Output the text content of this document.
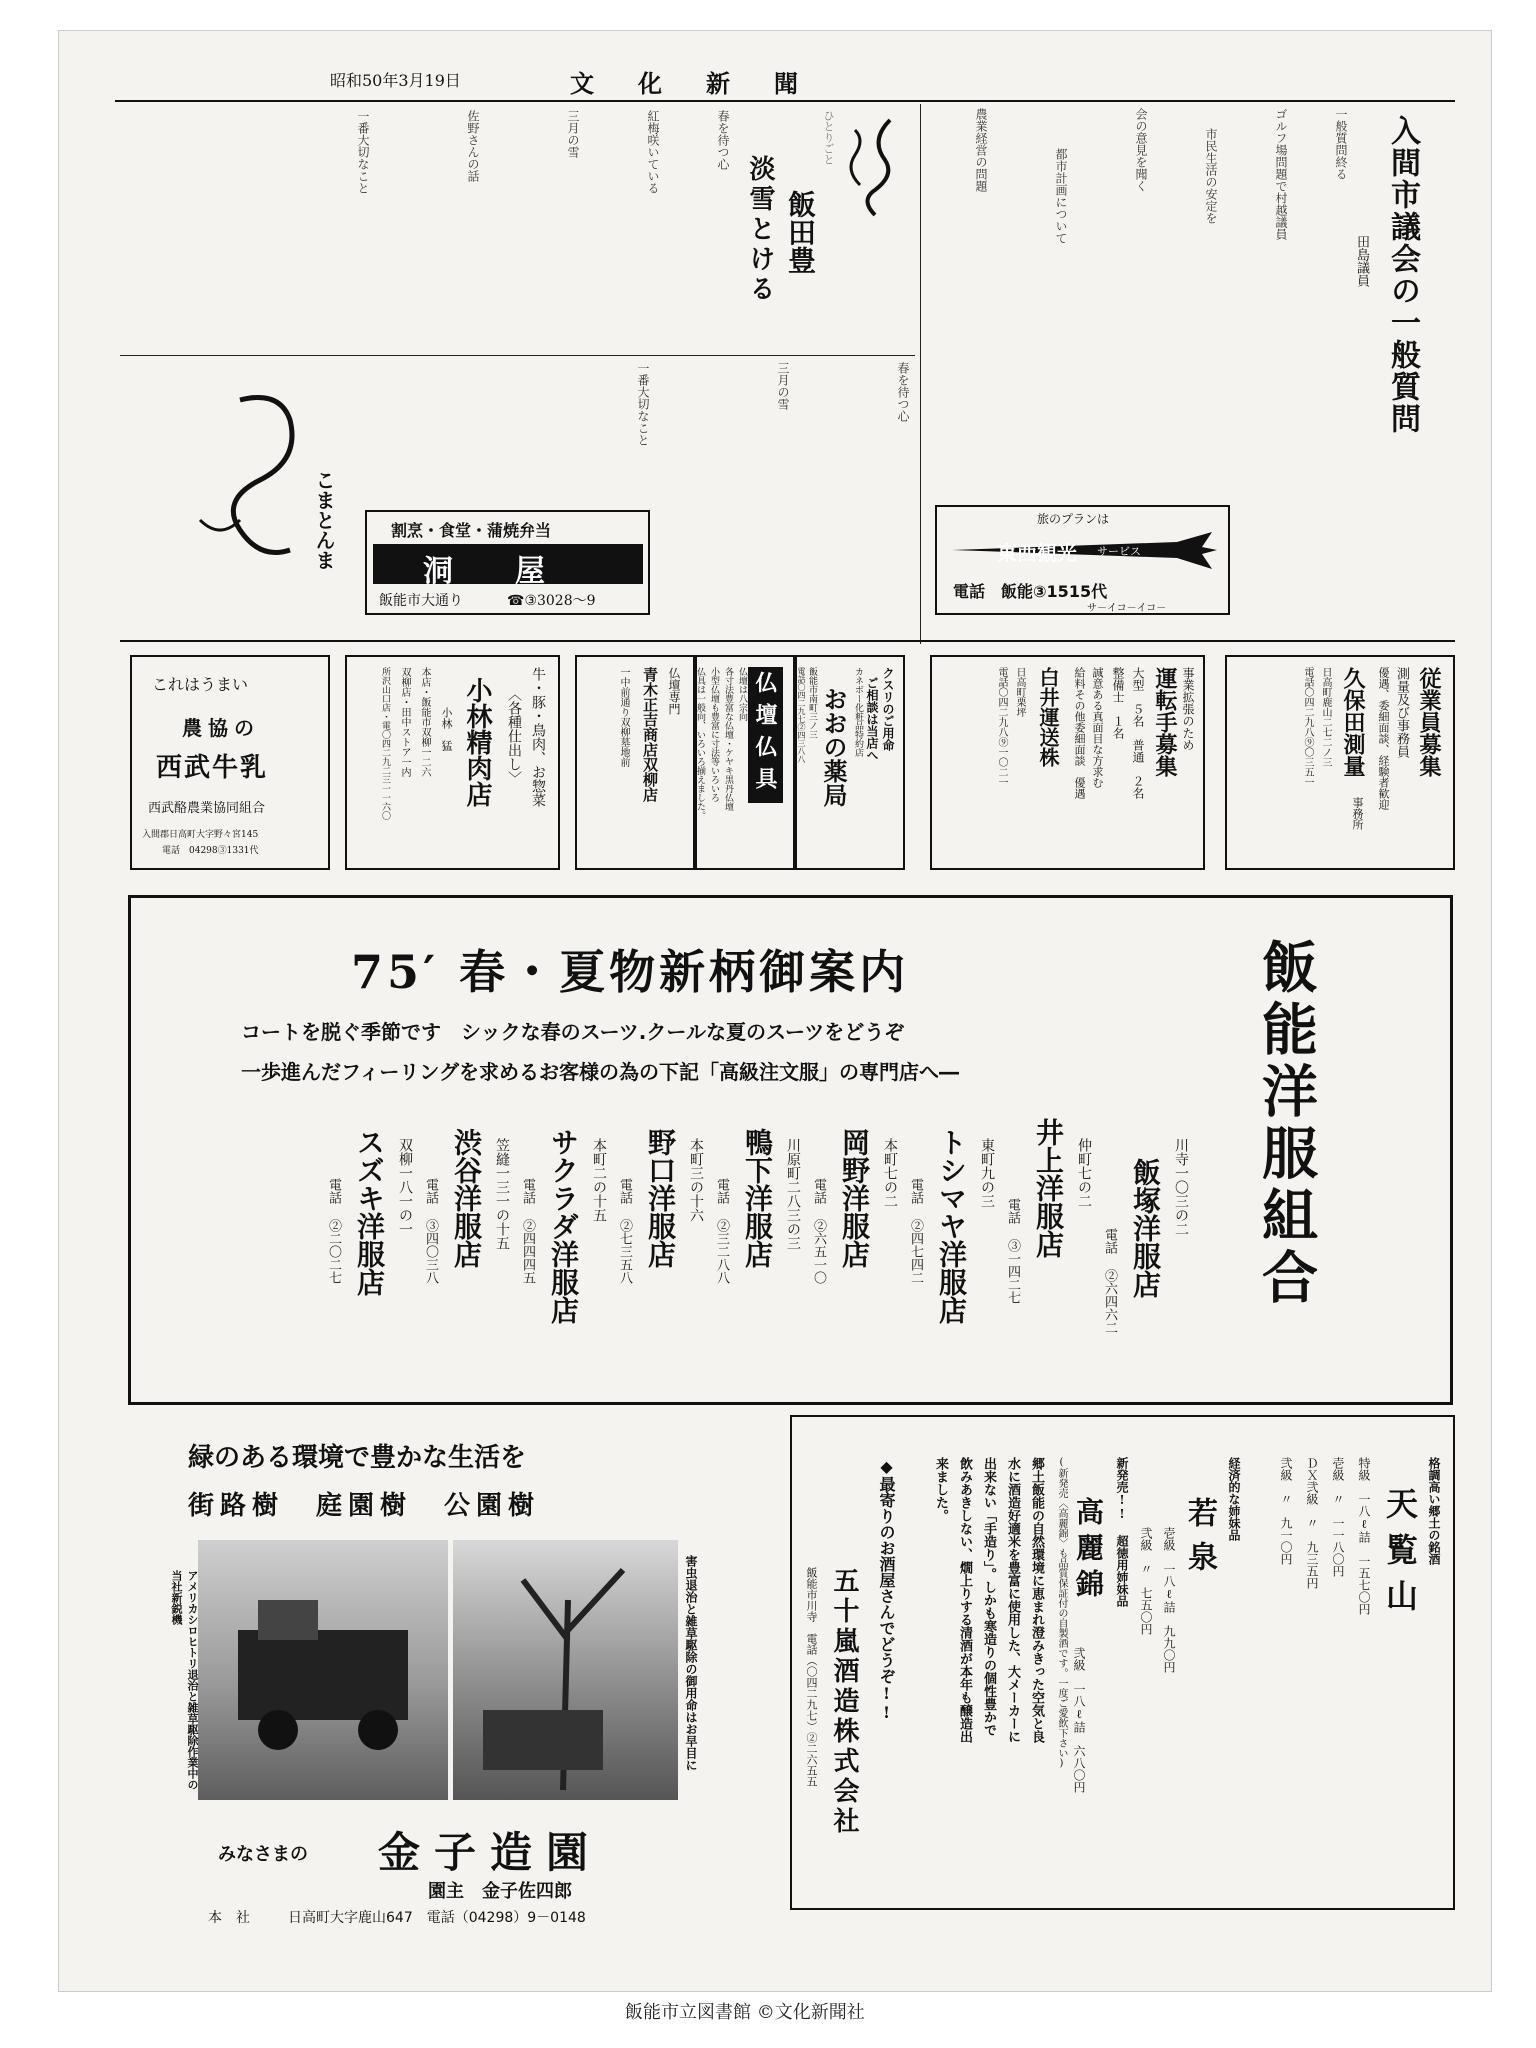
昭和50年3月19日	文　化　新　聞
入間市議会の一般質問
田島議員
一般質問終る
ゴルフ場問題で村越議員
市民生活の安定を
会の意見を聞く
都市計画について
農業経営の問題
ひとりごと
飯田豊
淡雪とける
春を待つ心
紅梅咲いている
三月の雪
佐野さんの話
一番大切なこと
こまとんま
春を待つ心
三月の雪
一番大切なこと
割烹・食堂・蒲焼弁当
洞　屋
飯能市大通り	☎③3028～9
旅のプランは
東西観光 サービス
電話　飯能③1515代
サ－イコ－イコ－
これはうまい
農協の
西武牛乳
西武酪農業協同組合
入間郡日高町大字野々宮145
電話　04298③1331代
牛・豚・鳥肉、お惣菜
〈各種仕出し〉
小林精肉店
小林　猛
本店・飯能市双柳一二六
双柳店・田中ストア一内
所沢山口店・電〇四二九二三一一六〇	仏壇専門
青木正吉商店双柳店
一中前通り双柳墓地前	仏壇仏具
仏壇は八宗向
各寸法豊富な仏壇・ケヤキ黒丹仏壇
小型仏壇も豊富に寸法等いろいろ
仏具は一般向、いろいろ揃えました。	クスリのご用命
ご相談は当店へ
カネボー化粧品特約店
おおの薬局
飯能市南町三ノ三
電話〇四二九七②四三八八	事業拡張のため
運転手募集
大型　５名　普通　２名
整備士　１名
誠意ある真面目な方求む
給料その他委細面談　優遇
白井運送株
日高町栗坪
電話〇四二九八⑨一〇二一	従業員募集
測量及び事務員
優遇、委細面談、経験者歓迎
久保田測量
事務所
日高町鹿山二七二ノ三
電話〇四二九八⑨〇三五一
75′ 春・夏物新柄御案内
コートを脱ぐ季節です　シックな春のスーツ.クールな夏のスーツをどうぞ
一歩進んだフィーリングを求めるお客様の為の下記「高級注文服」の専門店へ―	飯能洋服組合
川寺一〇三の二
飯塚洋服店
電話 ②六四六二
仲町七の二
井上洋服店
電話 ③一四二七
東町九の三
トシマヤ洋服店
電話 ②四七四二
本町七の二
岡野洋服店
電話 ②六五一〇
川原町二八三の三
鴨下洋服店
電話 ②三二八八
本町三の十六
野口洋服店
電話 ②七三五八
本町二の十五
サクラダ洋服店
電話 ②四四四五
笠縫一三一の十五
渋谷洋服店
電話 ③四〇三八
双柳一八一の一
スズキ洋服店
電話 ②二〇二七
緑のある環境で豊かな生活を
街路樹　庭園樹　公園樹
アメリカシロヒトリ退治と雑草駆除作業中の当社新鋭機	害虫退治と雑草駆除の御用命はお早目に
みなさまの 金子造園
園主　金子佐四郎
本　社	日高町大字鹿山647　電話（04298）9－0148
格調高い郷土の銘酒
天覧山
特級　一八ℓ詰　一五七〇円
壱級　〃　一一八〇円
ＤＸ弐級　〃　九三五円
弐級　〃　九一〇円
経済的な姉妹品
若泉
壱級　一八ℓ詰　九九〇円
弐級　〃　七五〇円
新発売!! 超徳用姉妹品
高麗錦
(新発売〈高麗錦〉も品質保証付の自製酒です。一度ご愛飲下さい) 弐級　一八ℓ詰　六八〇円
郷土飯能の自然環境に恵まれ澄みきった空気と良水に酒造好適米を豊富に使用した、大メーカーに出来ない「手造り」。しかも寒造りの個性豊かで飲みあきしない、燗上りする清酒が本年も醸造出来ました。
◆最寄りのお酒屋さんでどうぞ!!
五十嵐酒造株式会社
飯能市川寺　電話（〇四二九七）②二六五五
飯能市立図書館 ©文化新聞社
